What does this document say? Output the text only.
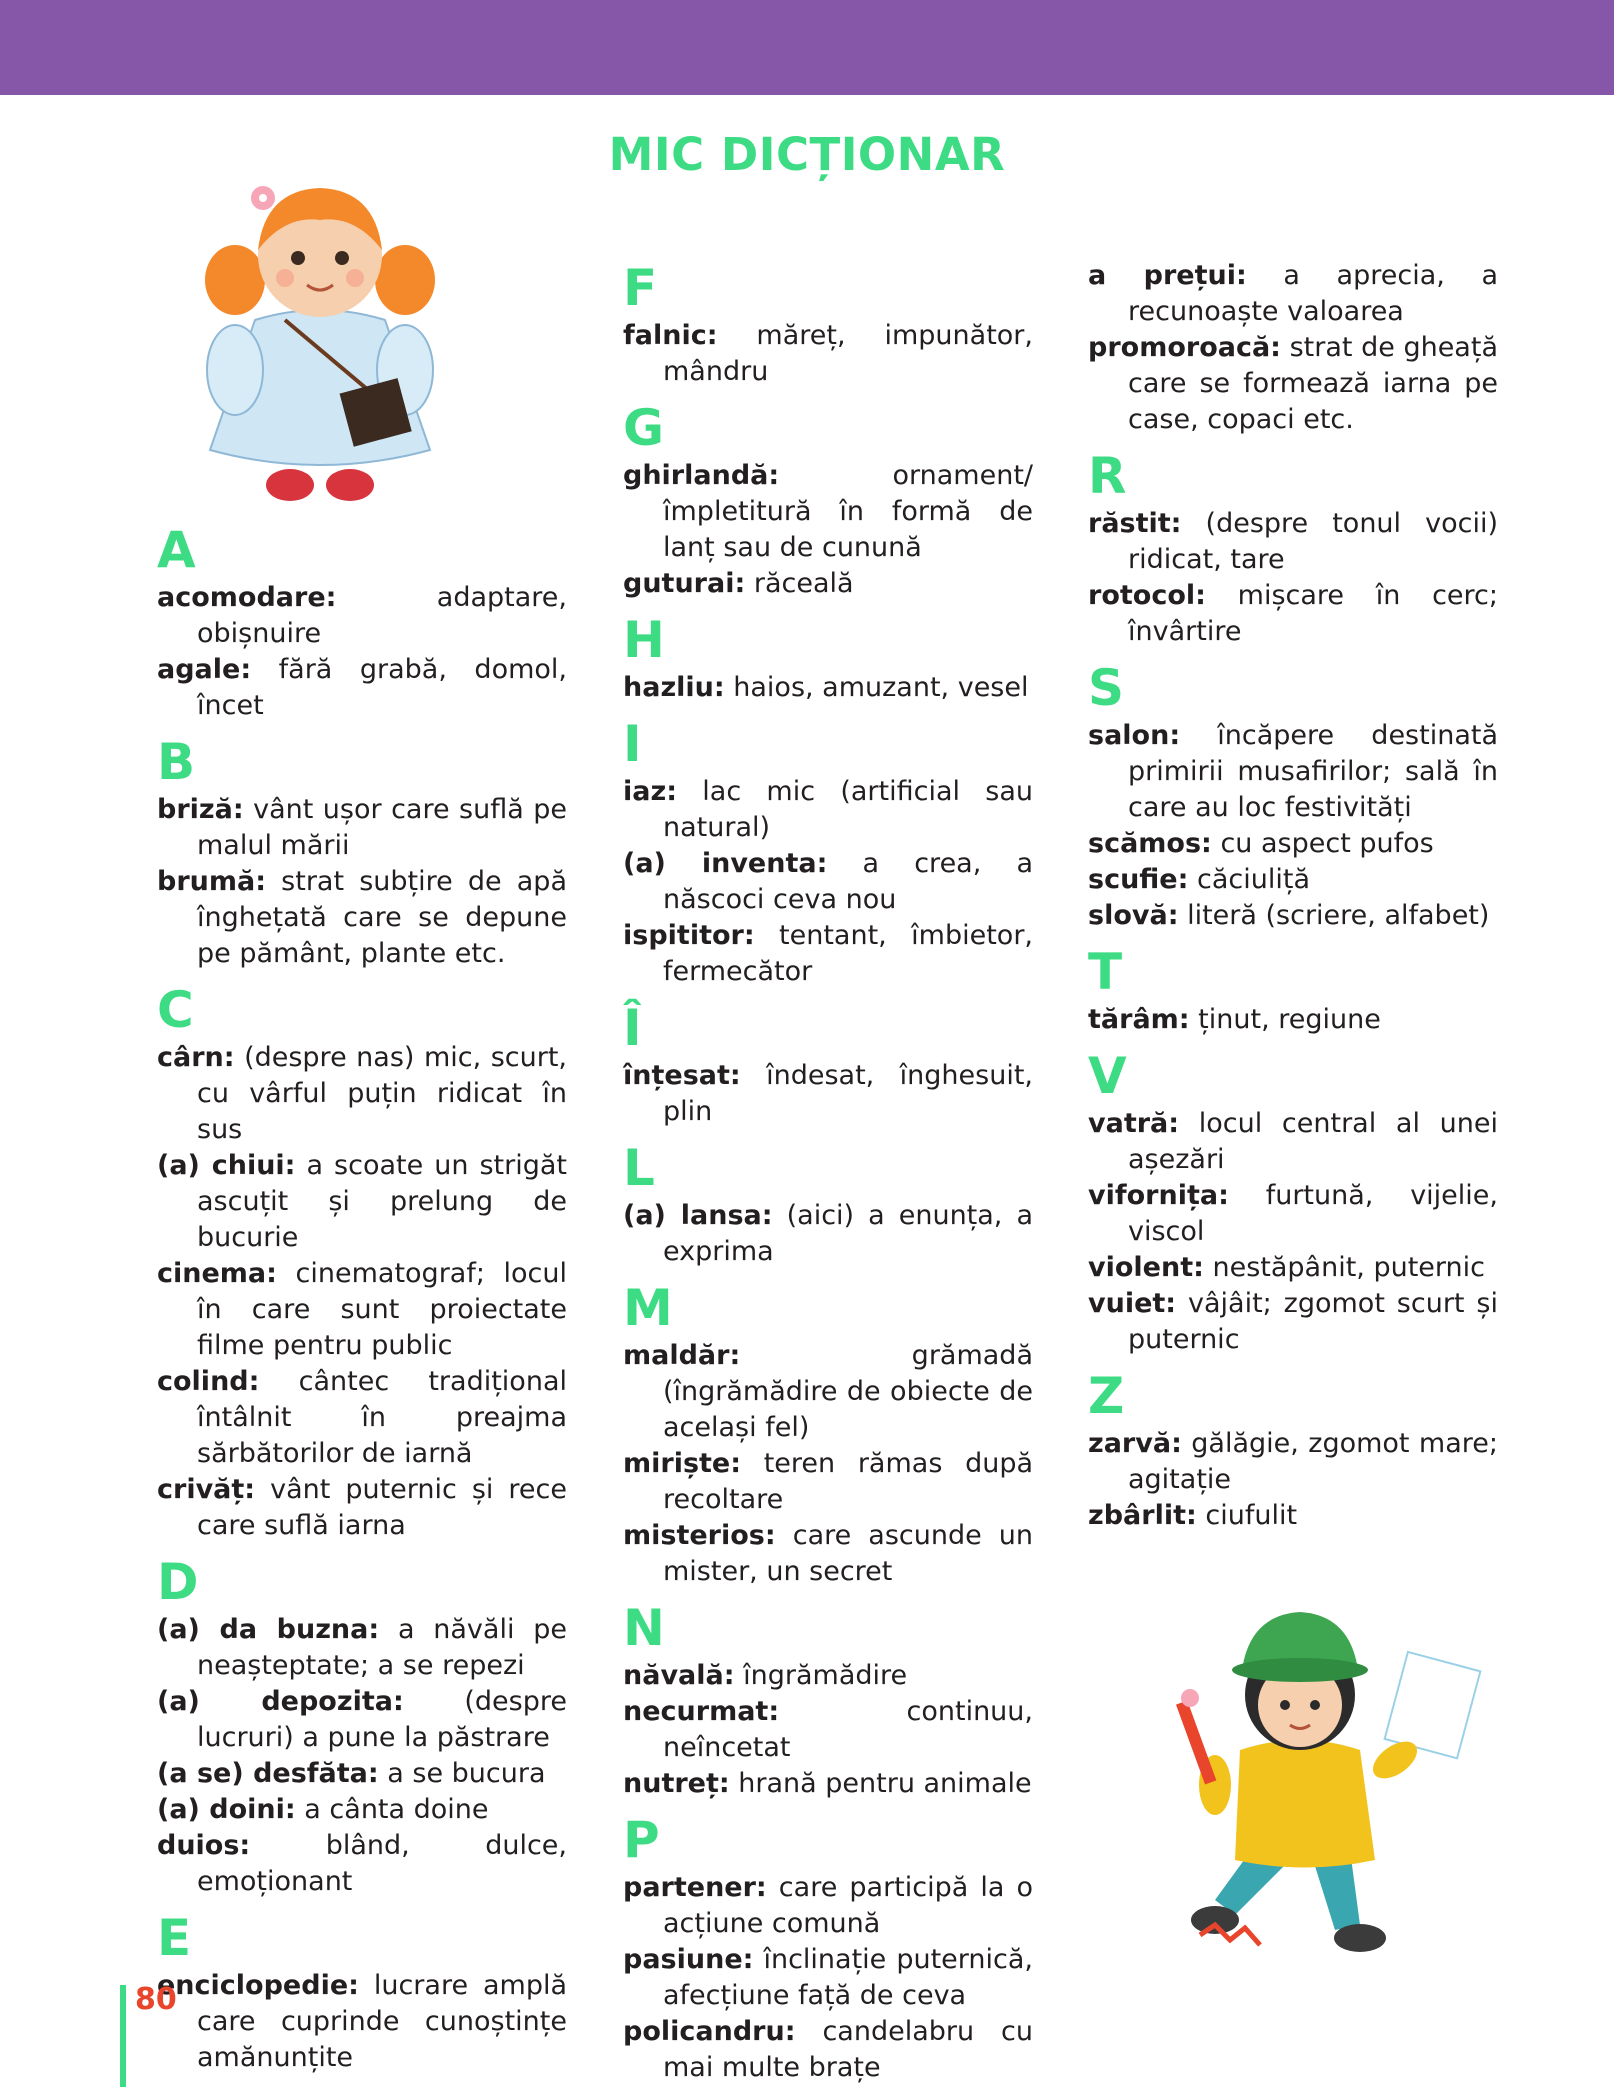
MIC DICȚIONAR
A
acomodare: adaptare, obișnuire
agale: fără grabă, domol, încet
B
briză: vânt ușor care suflă pe malul mării
brumă: strat subțire de apă înghețată care se depune pe pământ, plante etc.
C
cârn: (despre nas) mic, scurt, cu vârful puțin ridicat în sus
(a) chiui: a scoate un strigăt ascuțit și prelung de bucurie
cinema: cinematograf; locul în care sunt proiectate filme pentru public
colind: cântec tradițional întâlnit în preajma sărbătorilor de iarnă
crivăț: vânt puternic și rece care suflă iarna
D
(a) da buzna: a năvăli pe neașteptate; a se repezi
(a) depozita: (despre lucruri) a pune la păstrare
(a se) desfăta: a se bucura
(a) doini: a cânta doine
duios: blând, dulce, emoționant
E
enciclopedie: lucrare amplă care cuprinde cunoștințe amănunțite
F
falnic: măreț, impunător, mândru
G
ghirlandă: ornament/împletitură în formă de lanț sau de cunună
guturai: răceală
H
hazliu: haios, amuzant, vesel
I
iaz: lac mic (artificial sau natural)
(a) inventa: a crea, a născoci ceva nou
ispititor: tentant, îmbietor, fermecător
Î
înțesat: îndesat, înghesuit, plin
L
(a) lansa: (aici) a enunța, a exprima
M
maldăr: grămadă (îngrămădire de obiecte de același fel)
miriște: teren rămas după recoltare
misterios: care ascunde un mister, un secret
N
năvală: îngrămădire
necurmat: continuu, neîncetat
nutreț: hrană pentru animale
P
partener: care participă la o acțiune comună
pasiune: înclinație puternică, afecțiune față de ceva
policandru: candelabru cu mai multe brațe
a prețui: a aprecia, a recunoaște valoarea
promoroacă: strat de gheață care se formează iarna pe case, copaci etc.
R
răstit: (despre tonul vocii) ridicat, tare
rotocol: mișcare în cerc; învârtire
S
salon: încăpere destinată primirii musafirilor; sală în care au loc festivități
scămos: cu aspect pufos
scufie: căciuliță
slovă: literă (scriere, alfabet)
T
tărâm: ținut, regiune
V
vatră: locul central al unei așezări
vifornița: furtună, vijelie, viscol
violent: nestăpânit, puternic
vuiet: vâjâit; zgomot scurt și puternic
Z
zarvă: gălăgie, zgomot mare; agitație
zbârlit: ciufulit
80
